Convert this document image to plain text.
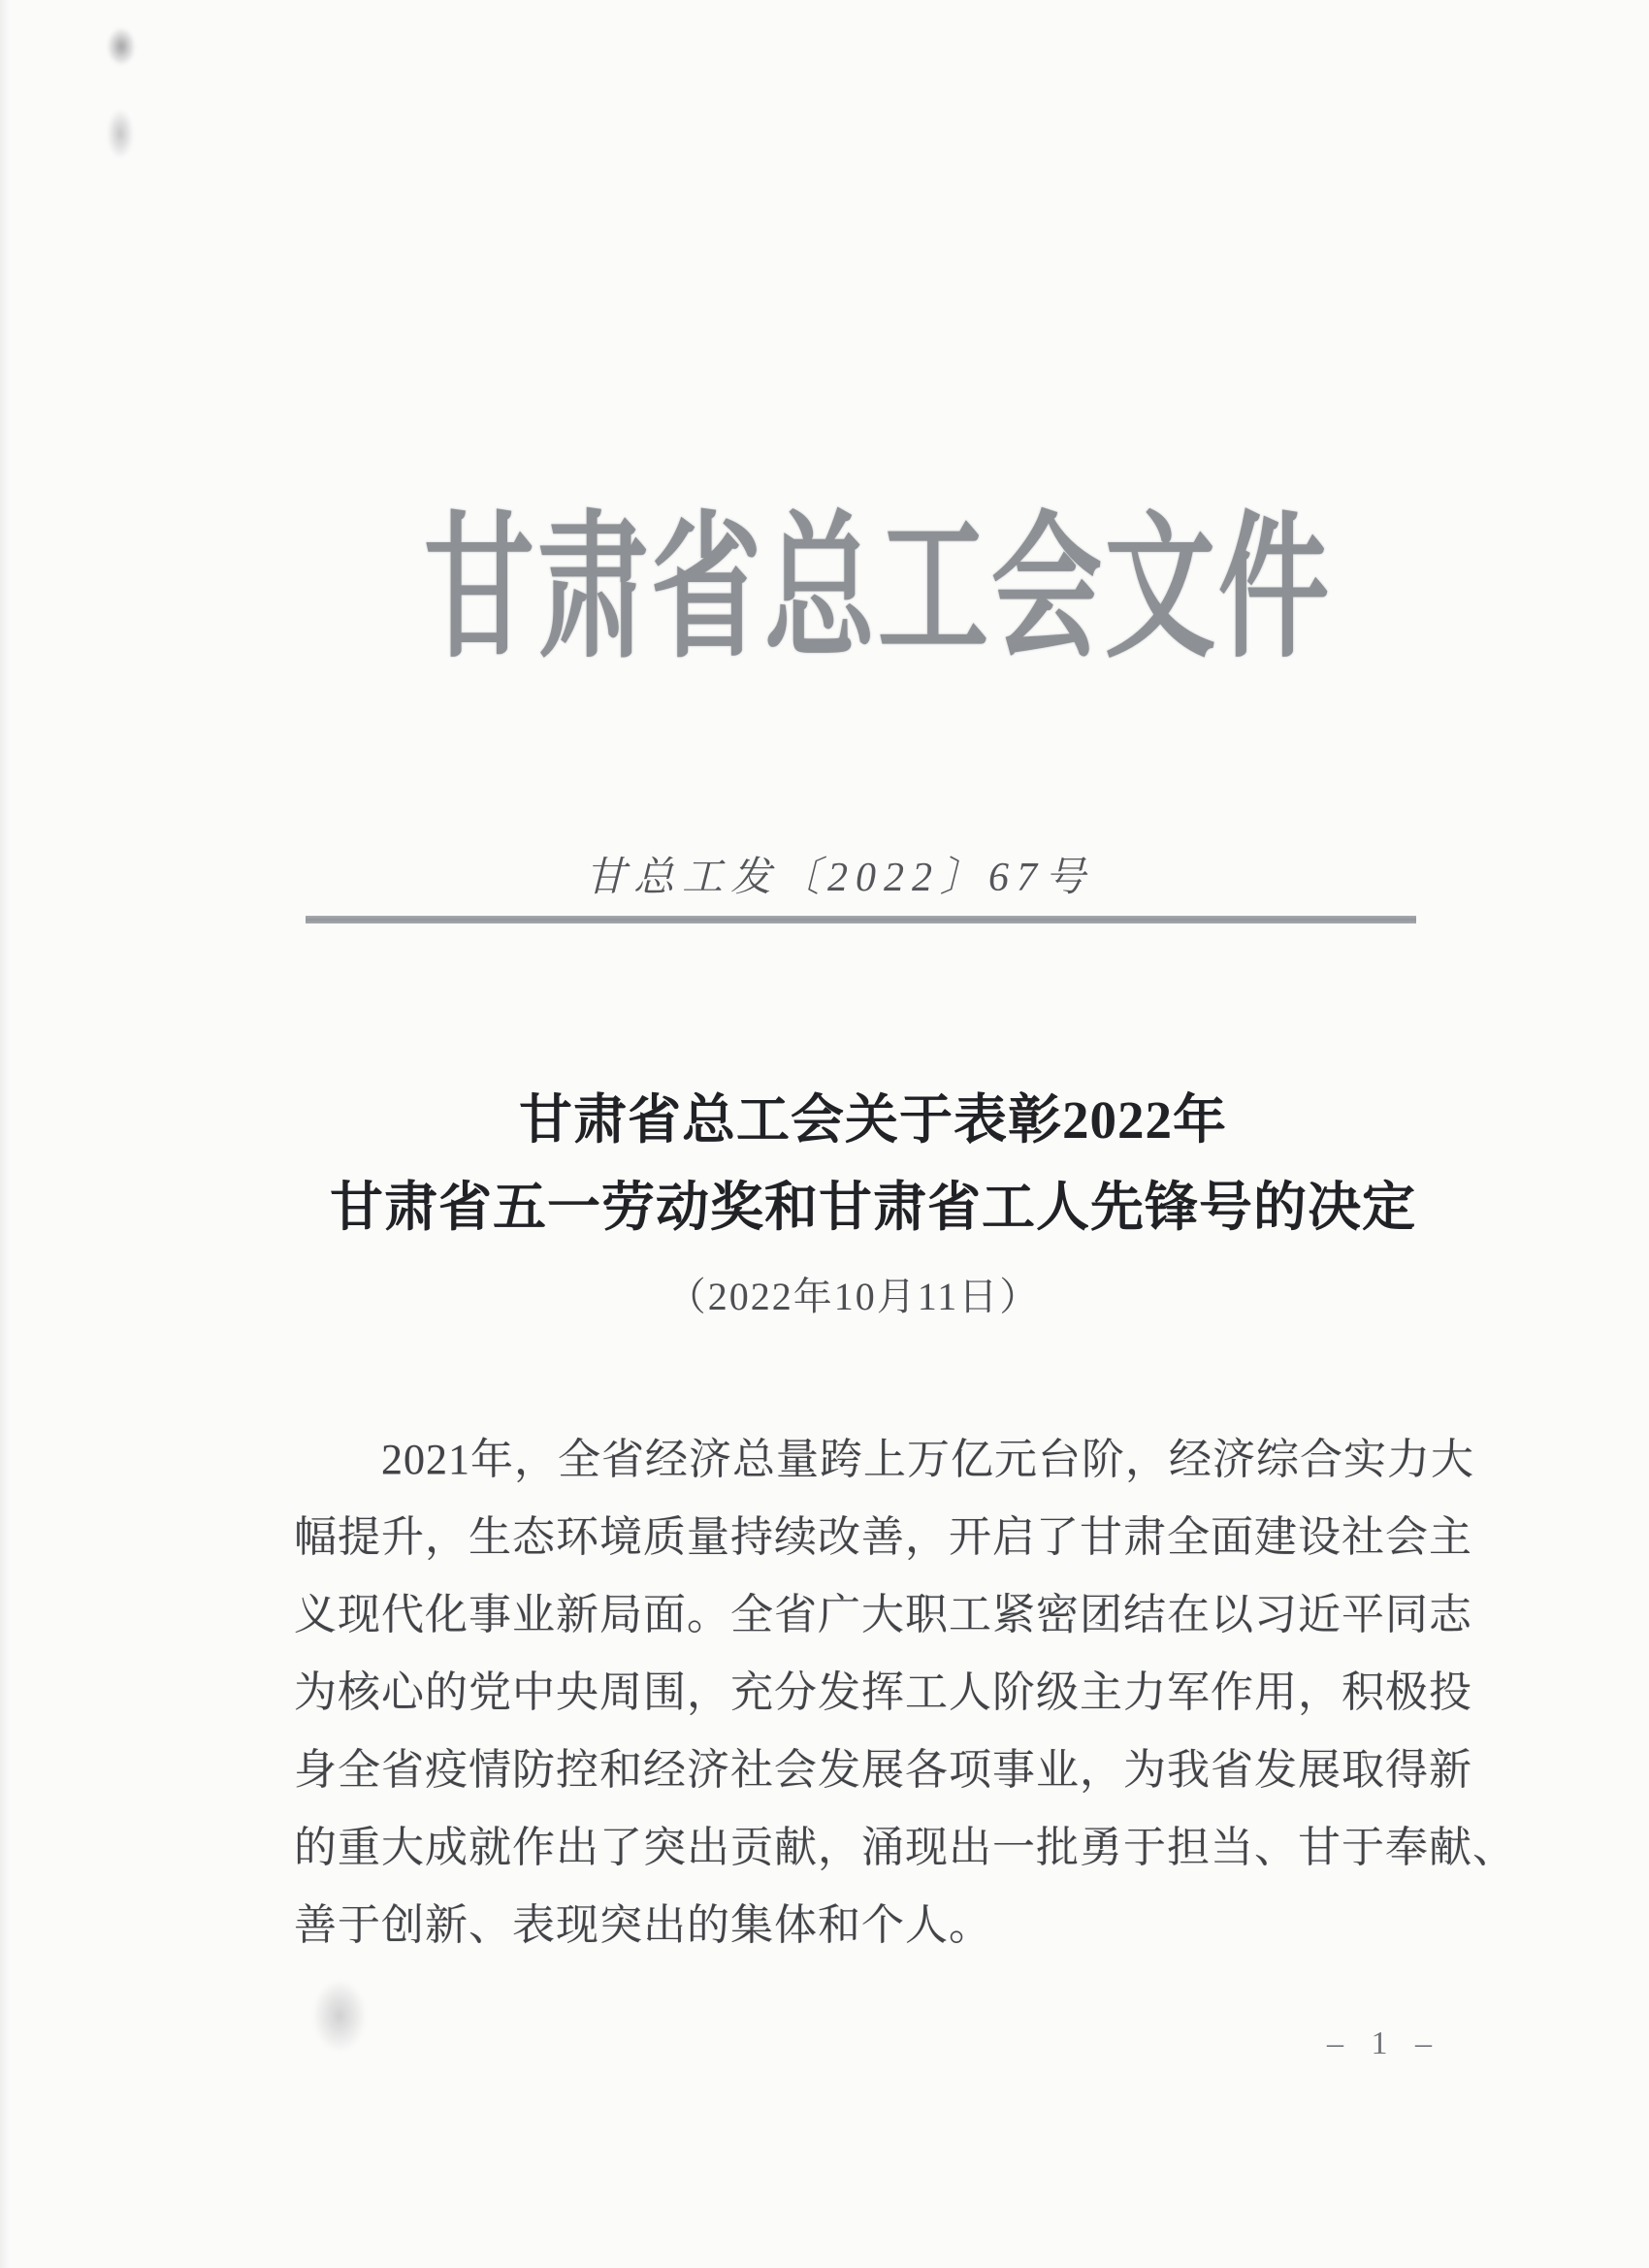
甘肃省总工会文件
甘总工发〔2022〕67号
甘肃省总工会关于表彰2022年
甘肃省五一劳动奖和甘肃省工人先锋号的决定
（2022年10月11日）
2021年，全省经济总量跨上万亿元台阶，经济综合实力大
幅提升，生态环境质量持续改善，开启了甘肃全面建设社会主
义现代化事业新局面。全省广大职工紧密团结在以习近平同志
为核心的党中央周围，充分发挥工人阶级主力军作用，积极投
身全省疫情防控和经济社会发展各项事业，为我省发展取得新
的重大成就作出了突出贡献，涌现出一批勇于担当、甘于奉献、
善于创新、表现突出的集体和个人。
– 1 –
